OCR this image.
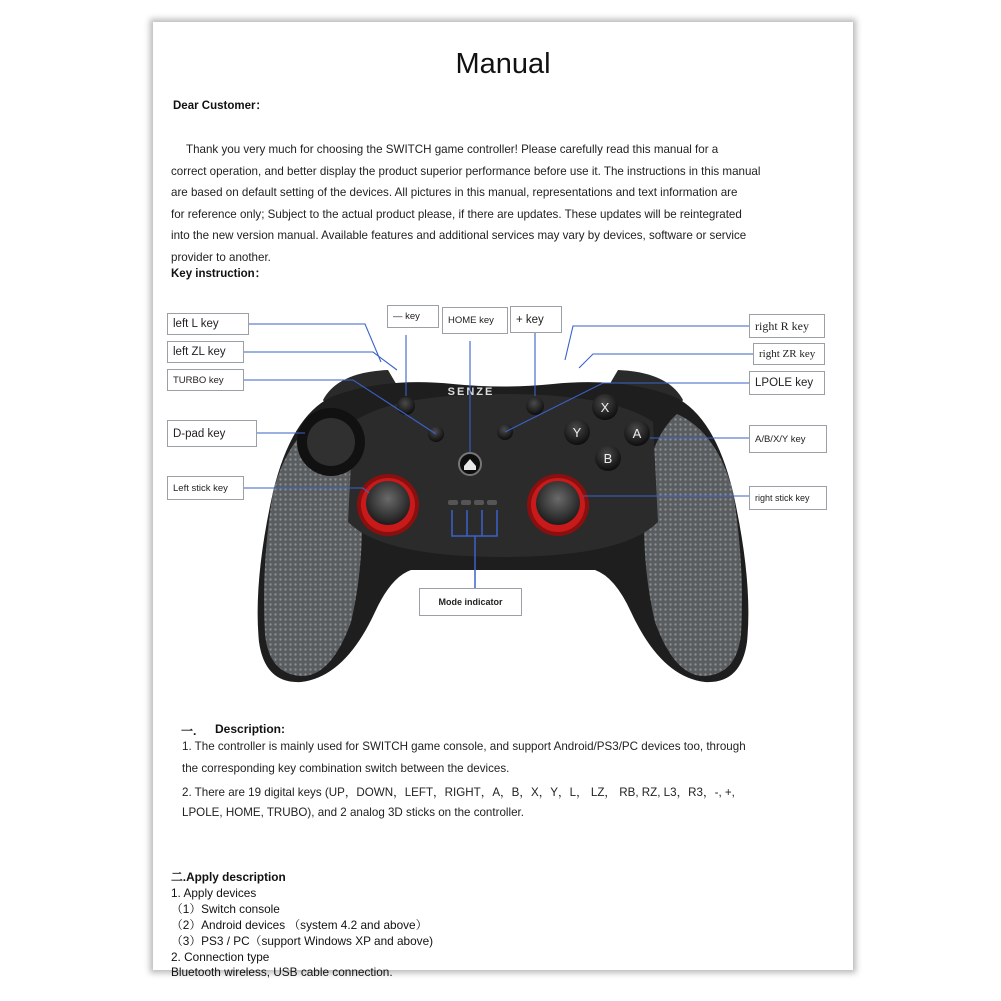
Manual
Dear Customer：
Thank you very much for choosing the SWITCH game controller! Please carefully read this manual for a
correct operation, and better display the product superior performance before use it. The instructions in this manual
are based on default setting of the devices. All pictures in this manual, representations and text information are
for reference only; Subject to the actual product please, if there are updates. These updates will be reintegrated
into the new version manual. Available features and additional services may vary by devices, software or service
provider to another.
Key instruction：
X
Y	A
B
SENZE
left L key
left ZL key
TURBO key
D-pad key
Left stick key
— key	HOME key	+ key	right R key
right ZR key
LPOLE key
A/B/X/Y key
right stick key
Mode indicator
一. Description:
1. The controller is mainly used for SWITCH game console, and support Android/PS3/PC devices too, through
the corresponding key combination switch between the devices.
2. There are 19 digital keys (UP，DOWN，LEFT，RIGHT，A，B，X，Y，L， LZ， RB, RZ, L3，R3，-, +,
LPOLE, HOME, TRUBO), and 2 analog 3D sticks on the controller.
二.Apply description
1. Apply devices
（1）Switch console
（2）Android devices （system 4.2 and above）
（3）PS3 / PC（support Windows XP and above)
2. Connection type
Bluetooth wireless, USB cable connection.
